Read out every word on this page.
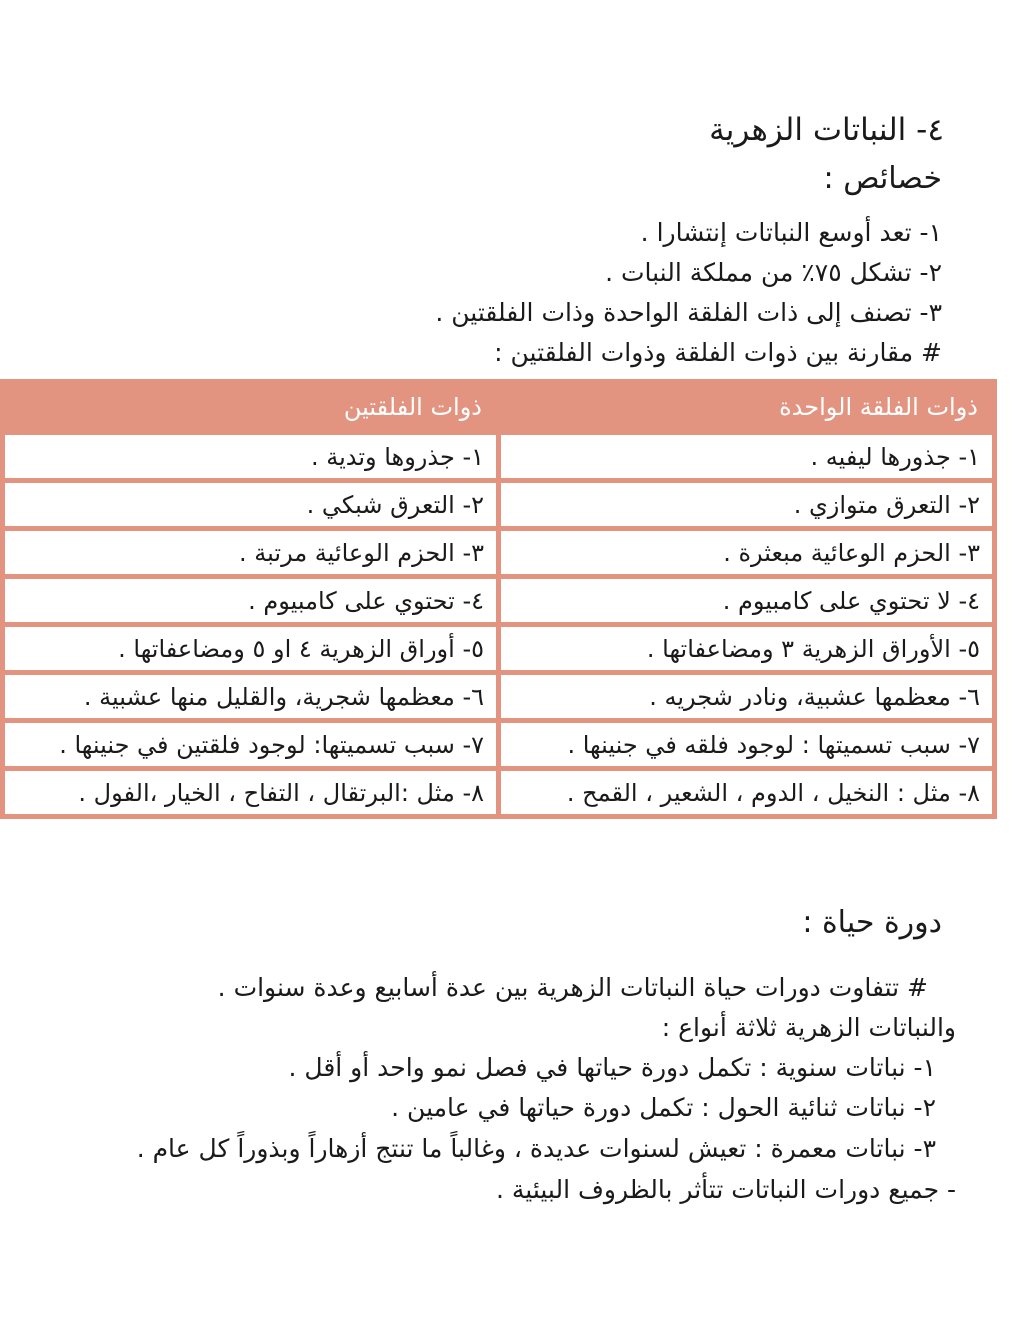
٤- النباتات الزهرية
خصائص :
١- تعد أوسع النباتات إنتشارا .
٢- تشكل ٧٥٪ من مملكة النبات .
٣- تصنف إلى ذات الفلقة الواحدة وذات الفلقتين .
# مقارنة بين ذوات الفلقة وذوات الفلقتين :
ذوات الفلقة الواحدة	ذوات الفلقتين
١- جذورها ليفيه .	١- جذروها وتدية .
٢- التعرق متوازي .	٢- التعرق شبكي .
٣- الحزم الوعائية مبعثرة .	٣- الحزم الوعائية مرتبة .
٤- لا تحتوي على كامبيوم .	٤- تحتوي على كامبيوم .
٥- الأوراق الزهرية ٣ ومضاعفاتها .	٥- أوراق الزهرية ٤ او ٥ ومضاعفاتها .
٦- معظمها عشبية، ونادر شجريه .	٦- معظمها شجرية، والقليل منها عشبية .
٧- سبب تسميتها : لوجود فلقه في جنينها .	٧- سبب تسميتها: لوجود فلقتين في جنينها .
٨- مثل : النخيل ، الدوم ، الشعير ، القمح .	٨- مثل :البرتقال ، التفاح ، الخيار ،الفول .
دورة حياة :
# تتفاوت دورات حياة النباتات الزهرية بين عدة أسابيع وعدة سنوات .
والنباتات الزهرية ثلاثة أنواع :
١- نباتات سنوية : تكمل دورة حياتها في فصل نمو واحد أو أقل .
٢- نباتات ثنائية الحول : تكمل دورة حياتها في عامين .
٣- نباتات معمرة : تعيش لسنوات عديدة ، وغالباً ما تنتج أزهاراً وبذوراً كل عام .
- جميع دورات النباتات تتأثر بالظروف البيئية .
